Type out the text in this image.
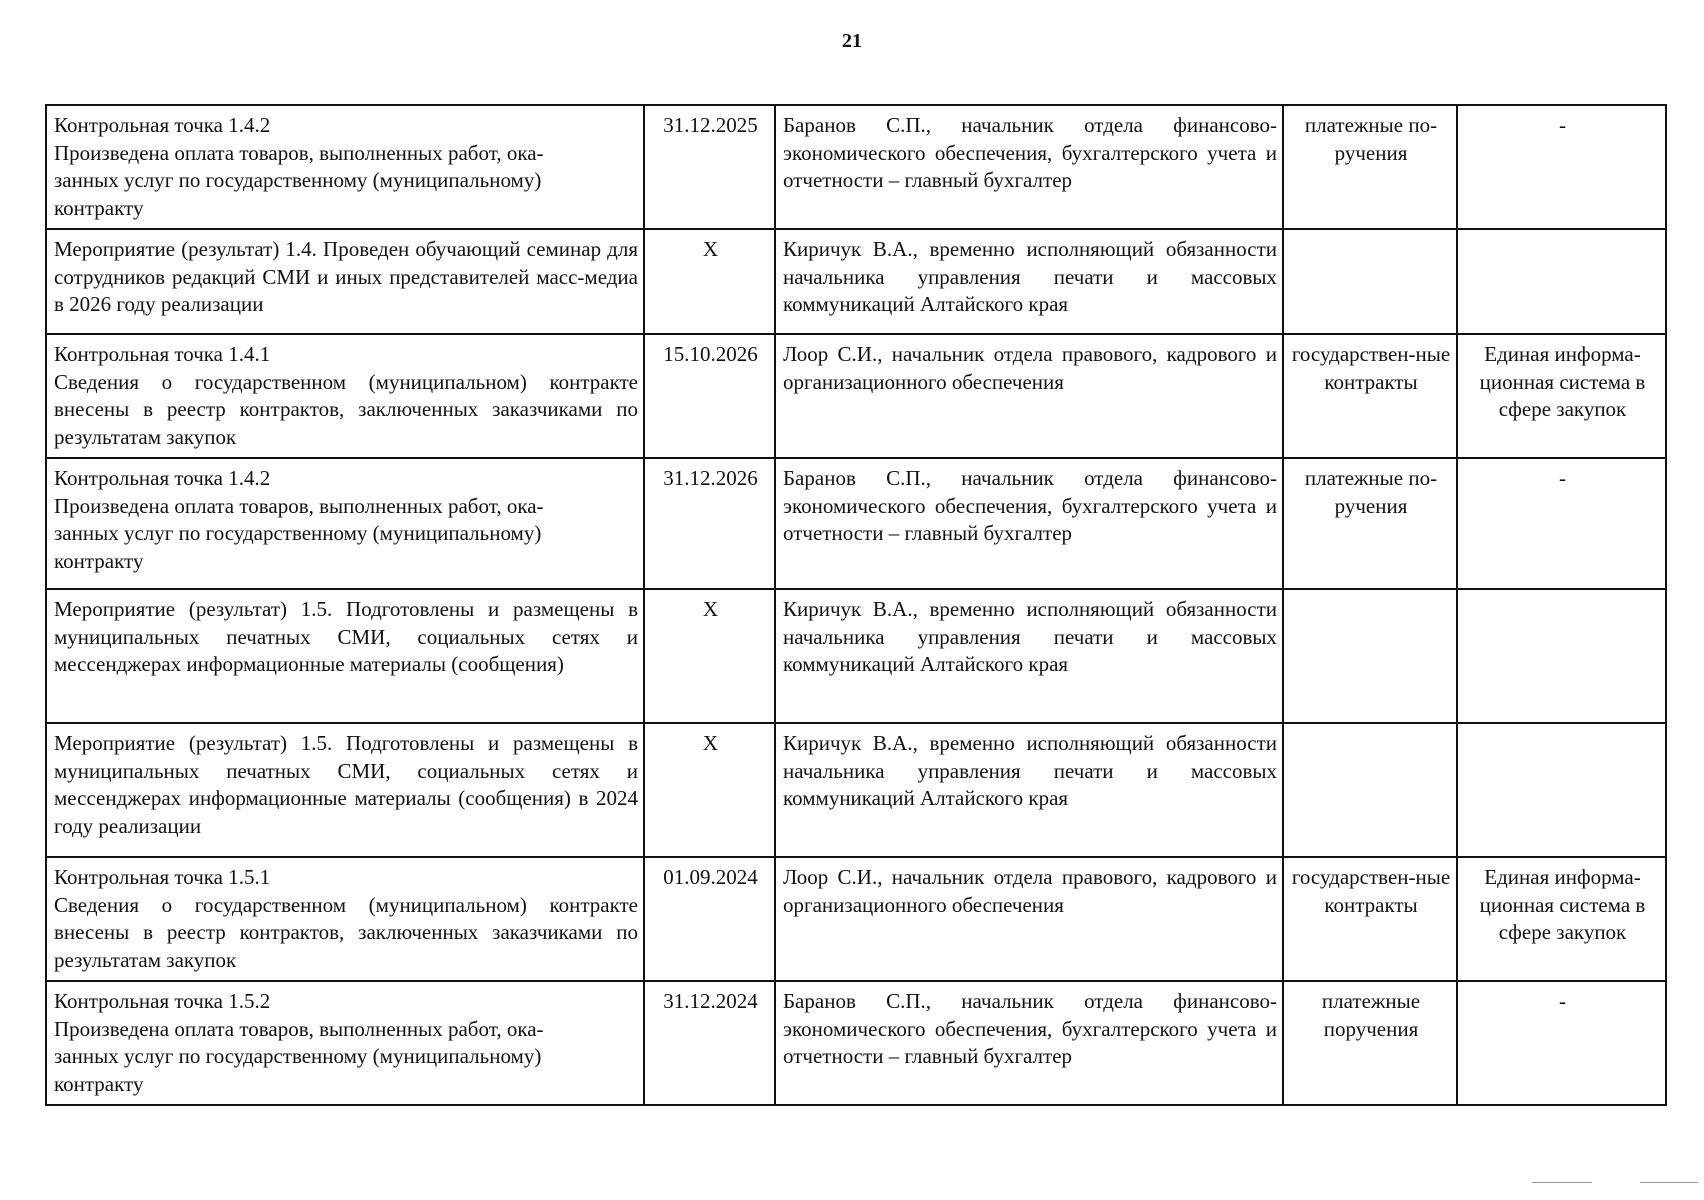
21
Контрольная точка 1.4.2
Произведена оплата товаров, выполненных работ, ока-
занных услуг по государственному (муниципальному)
контракту	31.12.2025	Баранов С.П., начальник отдела финансово-экономического обеспечения, бухгалтерского учета и отчетности – главный бухгалтер	платежные по-ручения	-

Мероприятие (результат) 1.4. Проведен обучающий семинар для сотрудников редакций СМИ и иных представителей масс-медиа в 2026 году реализации	Х	Киричук В.А., временно исполняющий обязанности начальника управления печати и массовых коммуникаций Алтайского края		

Контрольная точка 1.4.1
Сведения о государственном (муниципальном) контракте внесены в реестр контрактов, заключенных заказчиками по результатам закупок	15.10.2026	Лоор С.И., начальник отдела правового, кадрового и организационного обеспечения	государствен-ные контракты	Единая информа-ционная система в сфере закупок

Контрольная точка 1.4.2
Произведена оплата товаров, выполненных работ, ока-
занных услуг по государственному (муниципальному)
контракту	31.12.2026	Баранов С.П., начальник отдела финансово-экономического обеспечения, бухгалтерского учета и отчетности – главный бухгалтер	платежные по-ручения	-

Мероприятие (результат) 1.5. Подготовлены и размещены в муниципальных печатных СМИ, социальных сетях и мессенджерах информационные материалы (сообщения)	Х	Киричук В.А., временно исполняющий обязанности начальника управления печати и массовых коммуникаций Алтайского края		

Мероприятие (результат) 1.5. Подготовлены и размещены в муниципальных печатных СМИ, социальных сетях и мессенджерах информационные материалы (сообщения) в 2024 году реализации	Х	Киричук В.А., временно исполняющий обязанности начальника управления печати и массовых коммуникаций Алтайского края		

Контрольная точка 1.5.1
Сведения о государственном (муниципальном) контракте внесены в реестр контрактов, заключенных заказчиками по результатам закупок	01.09.2024	Лоор С.И., начальник отдела правового, кадрового и организационного обеспечения	государствен-ные контракты	Единая информа-ционная система в сфере закупок

Контрольная точка 1.5.2
Произведена оплата товаров, выполненных работ, ока-
занных услуг по государственному (муниципальному)
контракту	31.12.2024	Баранов С.П., начальник отдела финансово-экономического обеспечения, бухгалтерского учета и отчетности – главный бухгалтер	платежные поручения	-
